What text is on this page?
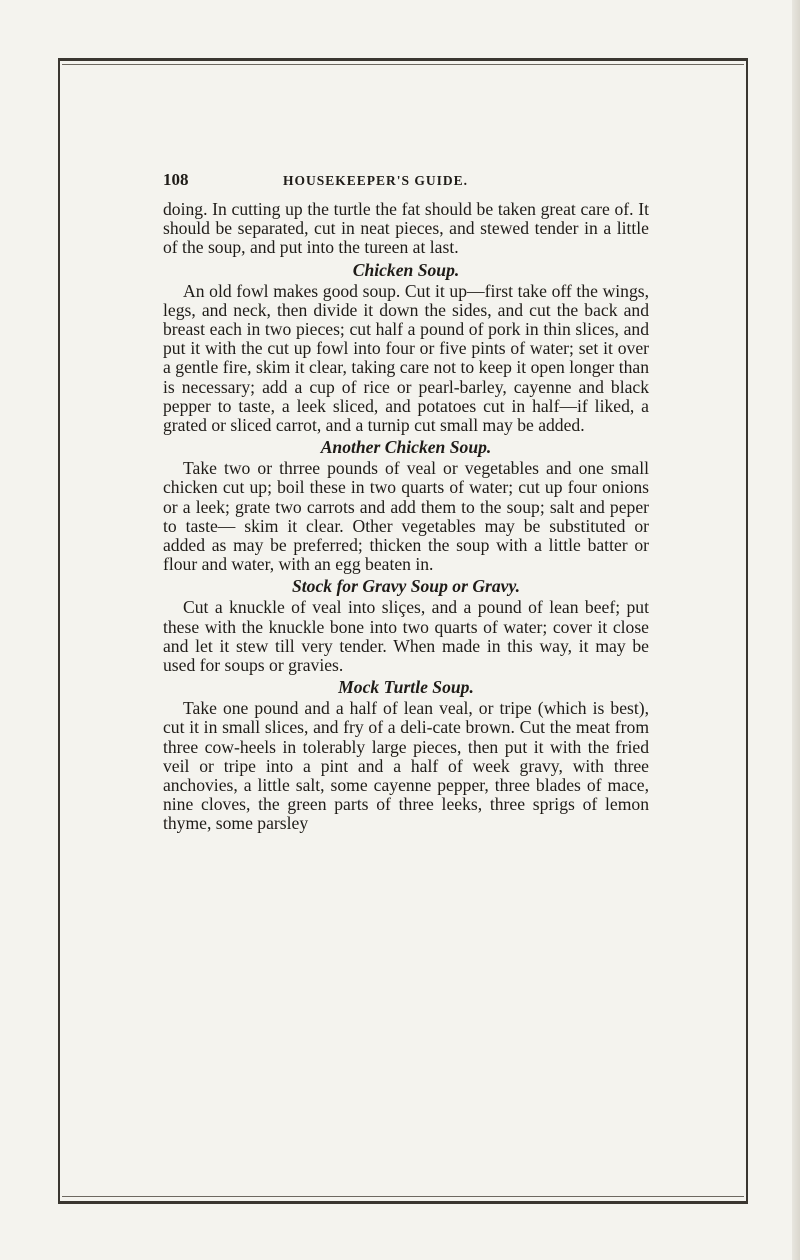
108	HOUSEKEEPER'S GUIDE.

doing. In cutting up the turtle the fat should be taken great care of. It should be separated, cut in neat pieces, and stewed tender in a little of the soup, and put into the tureen at last.

Chicken Soup.

An old fowl makes good soup. Cut it up—first take off the wings, legs, and neck, then divide it down the sides, and cut the back and breast each in two pieces; cut half a pound of pork in thin slices, and put it with the cut up fowl into four or five pints of water; set it over a gentle fire, skim it clear, taking care not to keep it open longer than is necessary; add a cup of rice or pearl-barley, cayenne and black pepper to taste, a leek sliced, and potatoes cut in half—if liked, a grated or sliced carrot, and a turnip cut small may be added.

Another Chicken Soup.

Take two or thrree pounds of veal or vegetables and one small chicken cut up; boil these in two quarts of water; cut up four onions or a leek; grate two carrots and add them to the soup; salt and peper to taste— skim it clear. Other vegetables may be substituted or added as may be preferred; thicken the soup with a little batter or flour and water, with an egg beaten in.

Stock for Gravy Soup or Gravy.

Cut a knuckle of veal into sliçes, and a pound of lean beef; put these with the knuckle bone into two quarts of water; cover it close and let it stew till very tender. When made in this way, it may be used for soups or gravies.

Mock Turtle Soup.

Take one pound and a half of lean veal, or tripe (which is best), cut it in small slices, and fry of a deli-cate brown. Cut the meat from three cow-heels in tolerably large pieces, then put it with the fried veil or tripe into a pint and a half of week gravy, with three anchovies, a little salt, some cayenne pepper, three blades of mace, nine cloves, the green parts of three leeks, three sprigs of lemon thyme, some parsley
